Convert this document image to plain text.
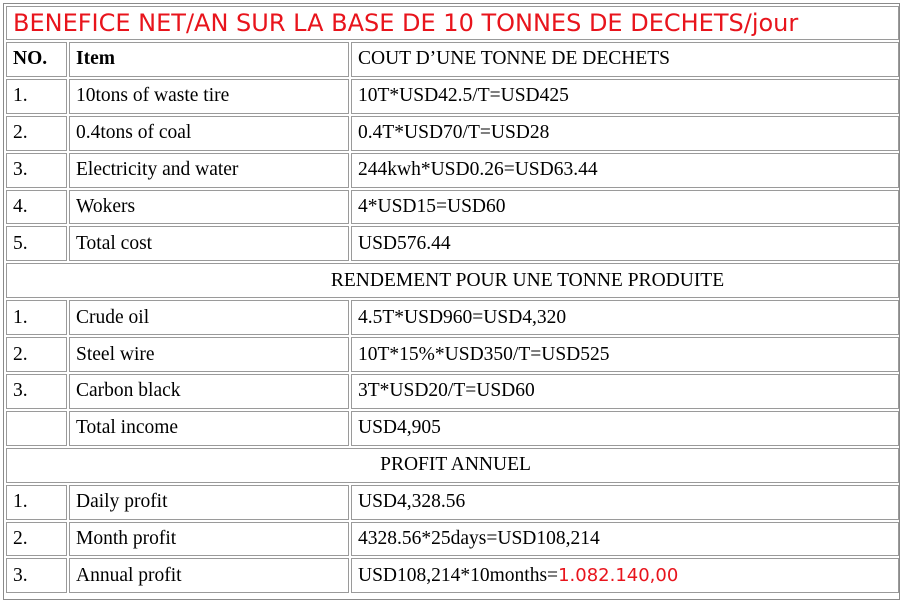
BENEFICE NET/AN SUR LA BASE DE 10 TONNES DE DECHETS/jour		
NO.	Item	COUT D’UNE TONNE DE DECHETS
1.	10tons of waste tire	10T*USD42.5/T=USD425
2.	0.4tons of coal	0.4T*USD70/T=USD28
3.	Electricity and water	244kwh*USD0.26=USD63.44
4.	Wokers	4*USD15=USD60
5.	Total cost	USD576.44
RENDEMENT POUR UNE TONNE PRODUITE		
1.	Crude oil	4.5T*USD960=USD4,320
2.	Steel wire	10T*15%*USD350/T=USD525
3.	Carbon black	3T*USD20/T=USD60
	Total income	USD4,905
PROFIT ANNUEL		
1.	Daily profit	USD4,328.56
2.	Month profit	4328.56*25days=USD108,214
3.	Annual profit	USD108,214*10months=1.082.140,00
